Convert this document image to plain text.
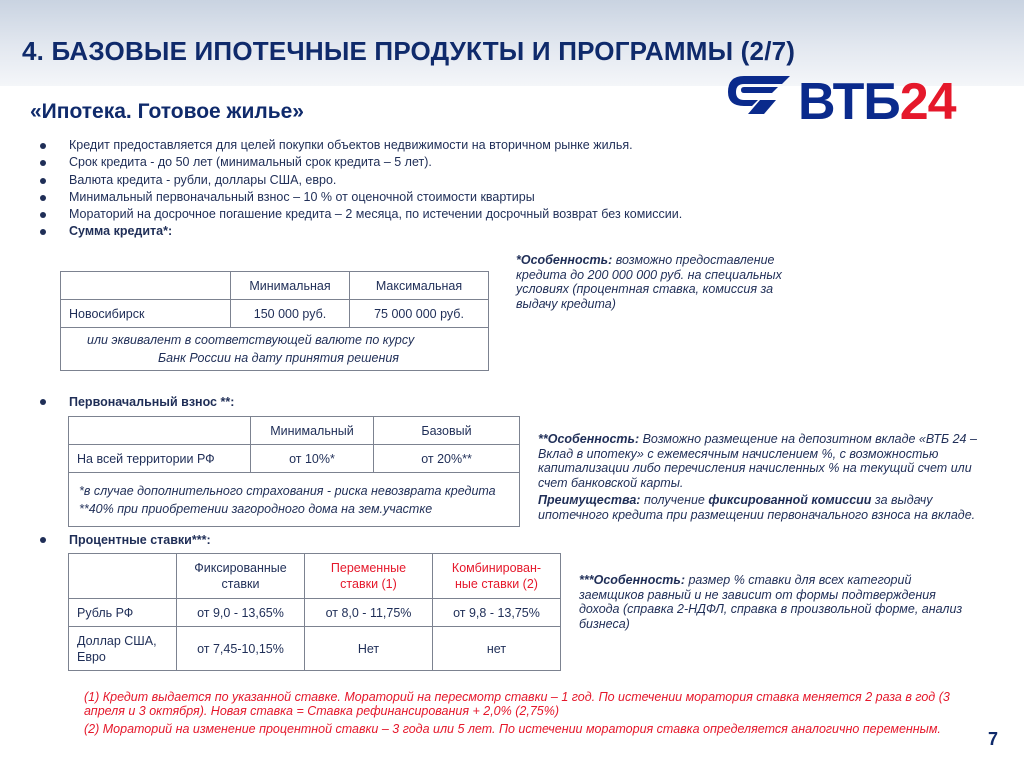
4. БАЗОВЫЕ ИПОТЕЧНЫЕ ПРОДУКТЫ И ПРОГРАММЫ (2/7)
ВТБ24
«Ипотека. Готовое жилье»
Кредит предоставляется для целей покупки объектов недвижимости на вторичном рынке жилья.
Срок кредита - до 50 лет (минимальный срок кредита – 5 лет).
Валюта кредита - рубли, доллары США, евро.
Минимальный первоначальный взнос – 10 % от оценочной стоимости квартиры
Мораторий на досрочное погашение кредита – 2 месяца, по истечении досрочный возврат без комиссии.
Сумма кредита*:
	Минимальная	Максимальная
Новосибирск	150 000 руб.	75 000 000 руб.

или эквивалент в соответствующей валюте по курсу
Банк России на дату принятия решения		
*Особенность: возможно предоставление кредита до 200 000 000 руб. на специальных условиях (процентная ставка, комиссия за выдачу кредита)
Первоначальный взнос **:
	Минимальный	Базовый
На всей территории РФ	от 10%*	от 20%**

*в случае дополнительного страхования - риска невозврата кредита
**40% при приобретении загородного дома на зем.участке		
**Особенность: Возможно размещение на депозитном вкладе «ВТБ 24 – Вклад в ипотеку» с ежемесячным начислением %, с возможностью капитализации либо перечисления начисленных % на текущий счет или счет банковской карты.
Преимущества: получение фиксированной комиссии за выдачу ипотечного кредита при размещении первоначального взноса на вкладе.
Процентные ставки***:
	Фиксированные ставки	Переменные ставки (1)	Комбинирован-ные ставки (2)
Рубль РФ	от 9,0 - 13,65%	от 8,0 - 11,75%	от 9,8 - 13,75%
Доллар США, Евро	от 7,45-10,15%	Нет	нет
***Особенность: размер % ставки для всех категорий заемщиков равный и не зависит от формы подтверждения дохода (справка 2-НДФЛ, справка в произвольной форме, анализ бизнеса)

(1) Кредит выдается по указанной ставке. Мораторий на пересмотр ставки – 1 год. По истечении моратория ставка меняется 2 раза в год (3 апреля и 3 октября). Новая ставка = Ставка рефинансирования + 2,0% (2,75%)

(2) Мораторий на изменение процентной ставки – 3 года или 5 лет. По истечении моратория ставка определяется аналогично переменным.	7
